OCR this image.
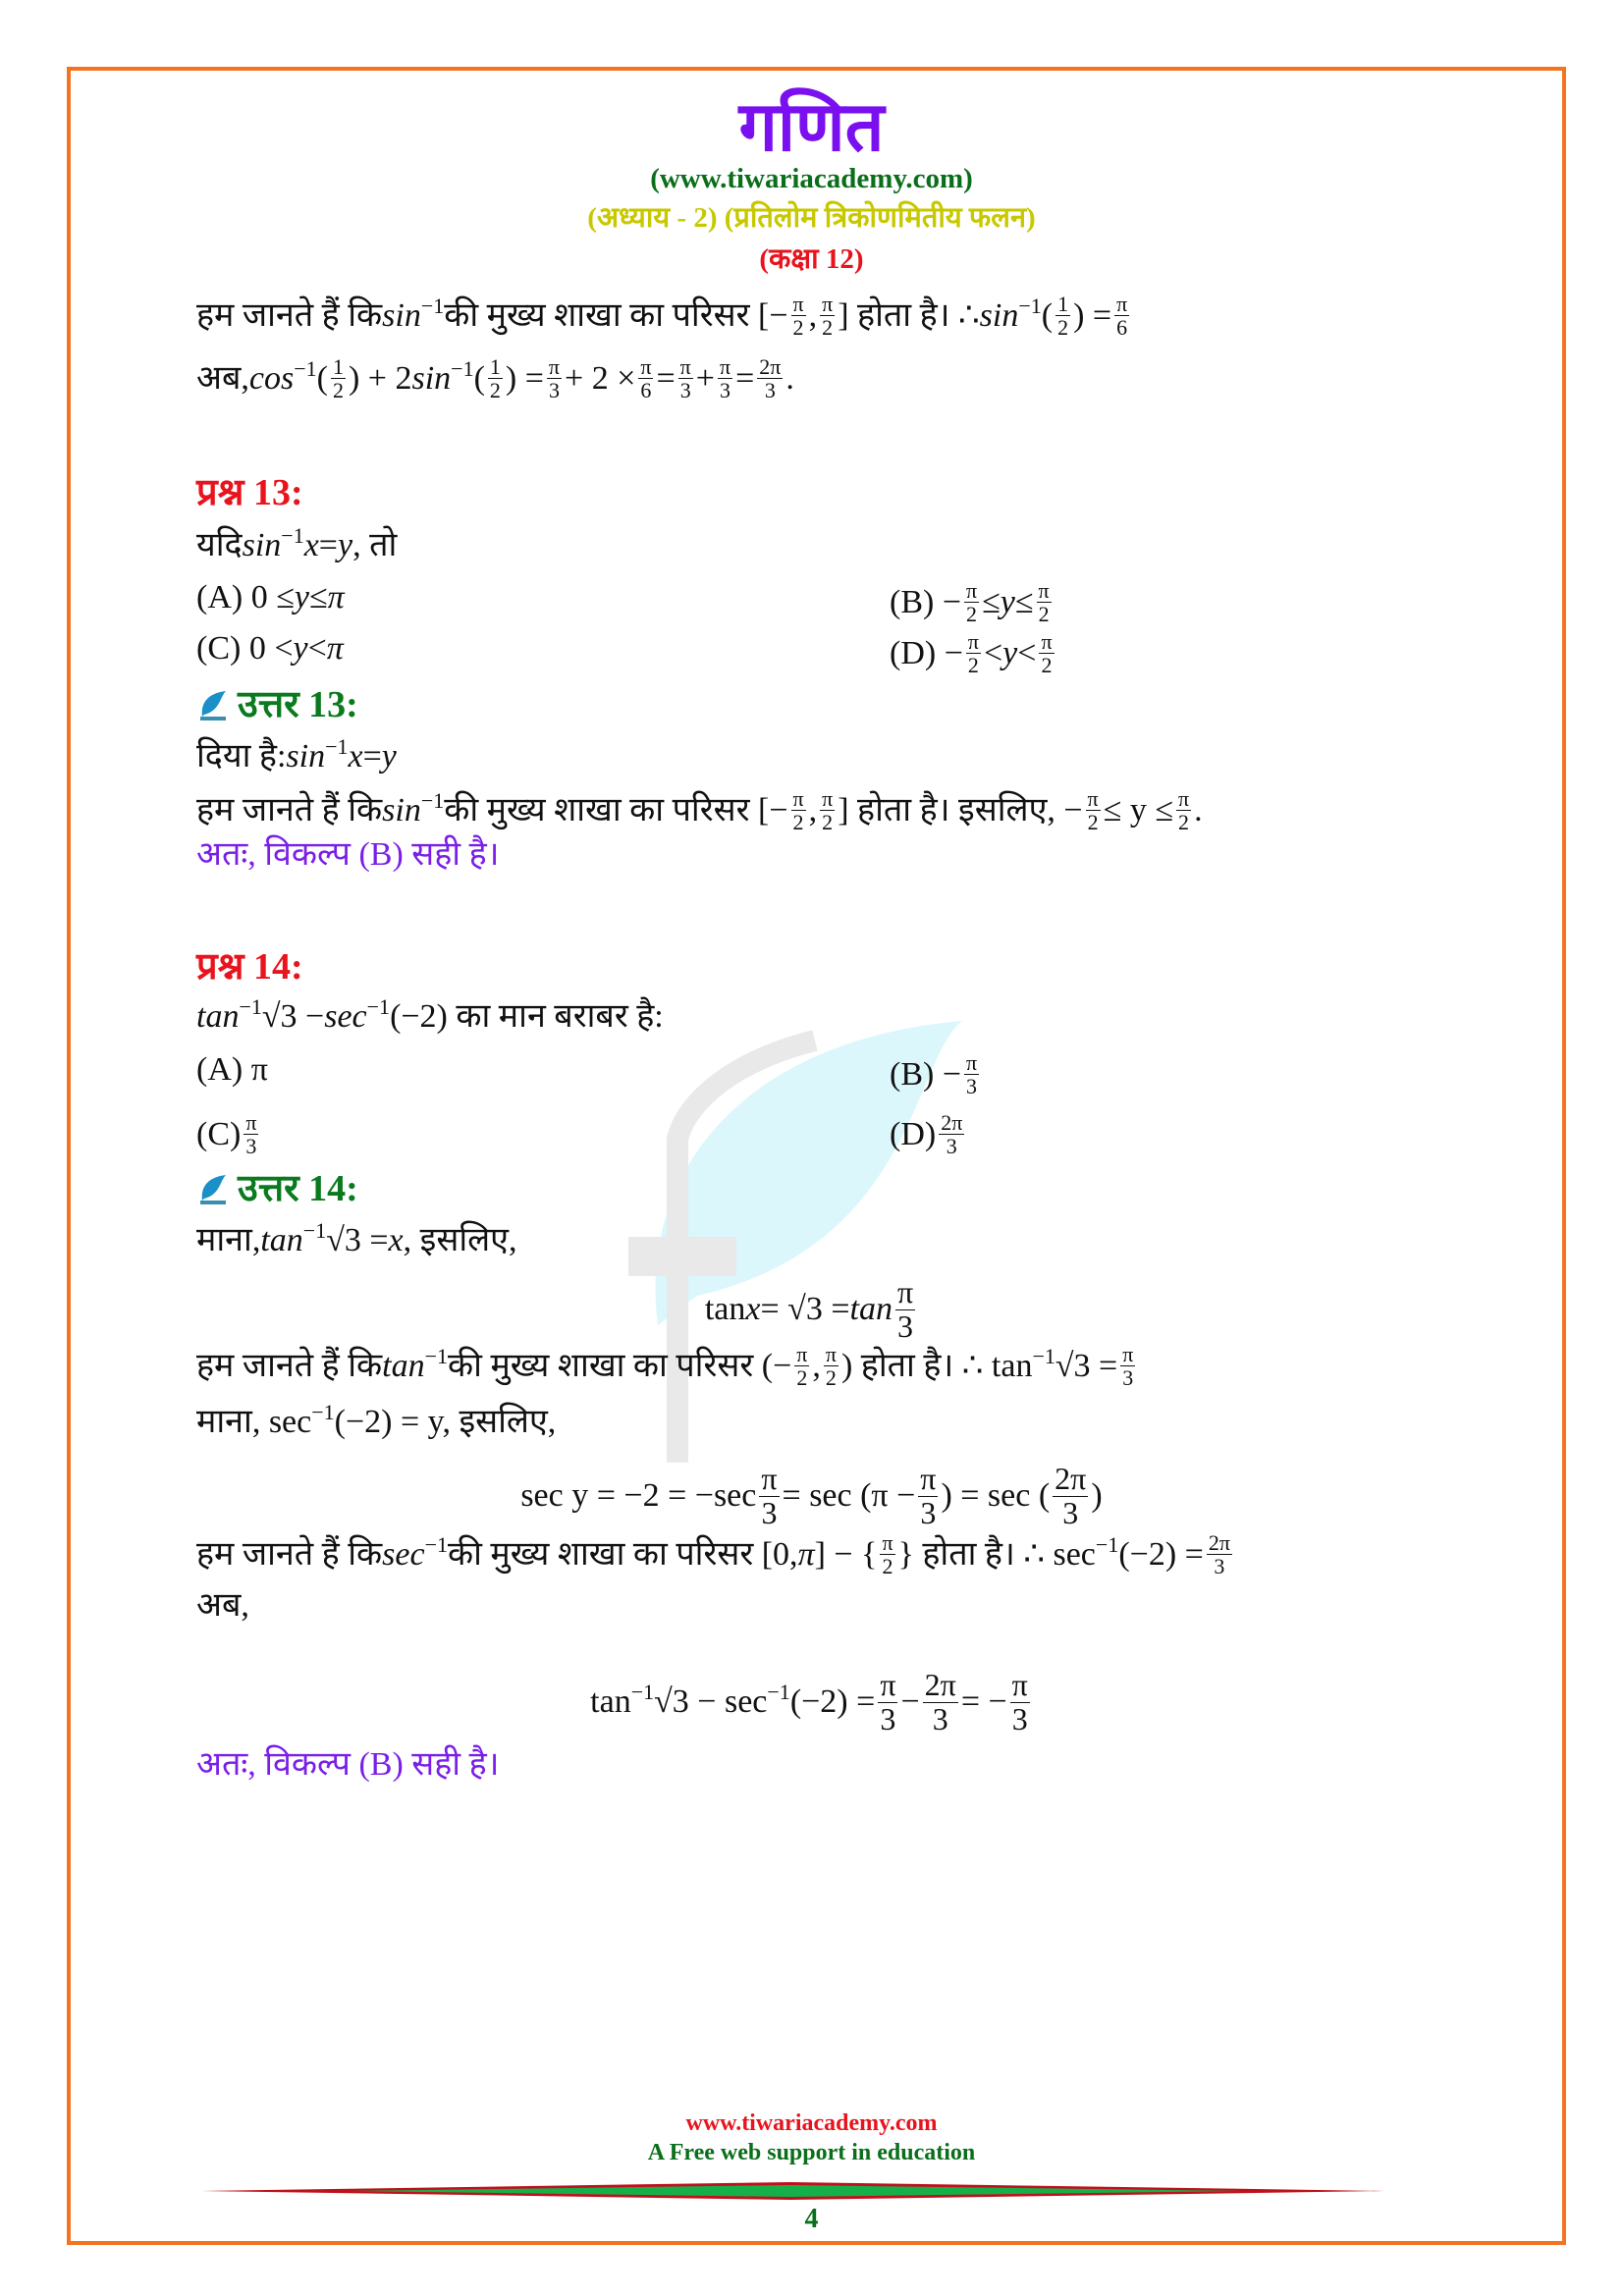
गणित
(www.tiwariacademy.com)
(अध्याय - 2) (प्रतिलोम त्रिकोणमितीय फलन)
(कक्षा 12)
हम जानते हैं कि sin −1 की मुख्य शाखा का परिसर [− $\frac{\pi}{2}$ , $\frac{\pi}{2}$ ] होता है। ∴ sin −1 ( $\frac{1}{2}$ ) = $\frac{\pi}{6}$
अब, cos −1 ( $\frac{1}{2}$ ) + 2 sin −1 ( $\frac{1}{2}$ ) = $\frac{\pi}{3} + 2 \times \frac{\pi}{6} = \frac{\pi}{3} + \frac{\pi}{3} = \frac{2\pi}{3}$ .
प्रश्न 13:
यदि sin −1 x = y , तो
(A) 0 ≤ y ≤ π	$(B) - \frac{\pi}{2} \le y \le \frac{\pi}{2}$
(C) 0 < y < π	$(D) - \frac{\pi}{2} < y < \frac{\pi}{2}$
उत्तर 13:
दिया है: sin −1 x = y
हम जानते हैं कि sin −1 की मुख्य शाखा का परिसर [− $\frac{\pi}{2}$ , $\frac{\pi}{2}$ ] होता है। इसलिए, − $\frac{\pi}{2} \le y \le \frac{\pi}{2}$ .
अतः, विकल्प (B) सही है।
प्रश्न 14:
tan −1 √3 − sec −1 (−2) का मान बराबर है:
(A) π	$(B) - \frac{\pi}{3}$
$(C) \frac{\pi}{3}$	$(D) \frac{2\pi}{3}$
उत्तर 14:
माना, tan −1 √3 = x , इसलिए,
$\tan x = √3 = \tan \frac{\pi}{3}$
हम जानते हैं कि tan −1 की मुख्य शाखा का परिसर (− $\frac{\pi}{2}$ , $\frac{\pi}{2}$ ) होता है। ∴ tan −1 $√3 = \frac{\pi}{3}$
माना, sec −1 (−2) = y, इसलिए,
$\sec y = -2 = -\sec \frac{\pi}{3} = \sec (\pi - \frac{\pi}{3}$ ) = sec ( $\frac{2\pi}{3}$ )
हम जानते हैं कि sec −1 की मुख्य शाखा का परिसर [0, π ] − { $\frac{\pi}{2}$ } होता है। ∴ sec −1 $(-2) = \frac{2\pi}{3}$
अब,
tan −1 √3 − sec −1 $(-2) = \frac{\pi}{3} - \frac{2\pi}{3}$ = − $\frac{\pi}{3}$
अतः, विकल्प (B) सही है।
www.tiwariacademy.com
A Free web support in education
4
